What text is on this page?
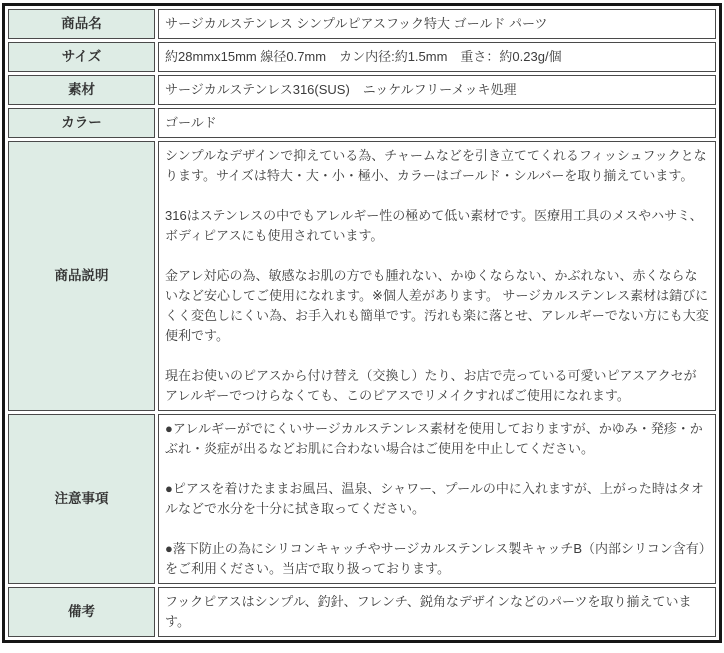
商品名	サージカルステンレス シンプルピアスフック特大 ゴールド パーツ
サイズ	約28mmx15mm 線径0.7mm　カン内径:約1.5mm　重さ：約0.23g/個
素材	サージカルステンレス316(SUS)　ニッケルフリーメッキ処理
カラー	ゴールド
商品説明	シンプルなデザインで抑えている為、チャームなどを引き立ててくれるフィッシュフックとなります。サイズは特大・大・小・極小、カラーはゴールド・シルバーを取り揃えています。

316はステンレスの中でもアレルギー性の極めて低い素材です。医療用工具のメスやハサミ、ボディピアスにも使用されています。

金アレ対応の為、敏感なお肌の方でも腫れない、かゆくならない、かぶれない、赤くならないなど安心してご使用になれます。※個人差があります。 サージカルステンレス素材は錆びにくく変色しにくい為、お手入れも簡単です。汚れも楽に落とせ、アレルギーでない方にも大変便利です。

現在お使いのピアスから付け替え（交換し）たり、お店で売っている可愛いピアスアクセがアレルギーでつけらなくても、このピアスでリメイクすればご使用になれます。

注意事項	●アレルギーがでにくいサージカルステンレス素材を使用しておりますが、かゆみ・発疹・かぶれ・炎症が出るなどお肌に合わない場合はご使用を中止してください。

●ピアスを着けたままお風呂、温泉、シャワー、プールの中に入れますが、上がった時はタオルなどで水分を十分に拭き取ってください。

●落下防止の為にシリコンキャッチやサージカルステンレス製キャッチB（内部シリコン含有）をご利用ください。当店で取り扱っております。

備考	フックピアスはシンプル、釣針、フレンチ、鋭角なデザインなどのパーツを取り揃えています。
